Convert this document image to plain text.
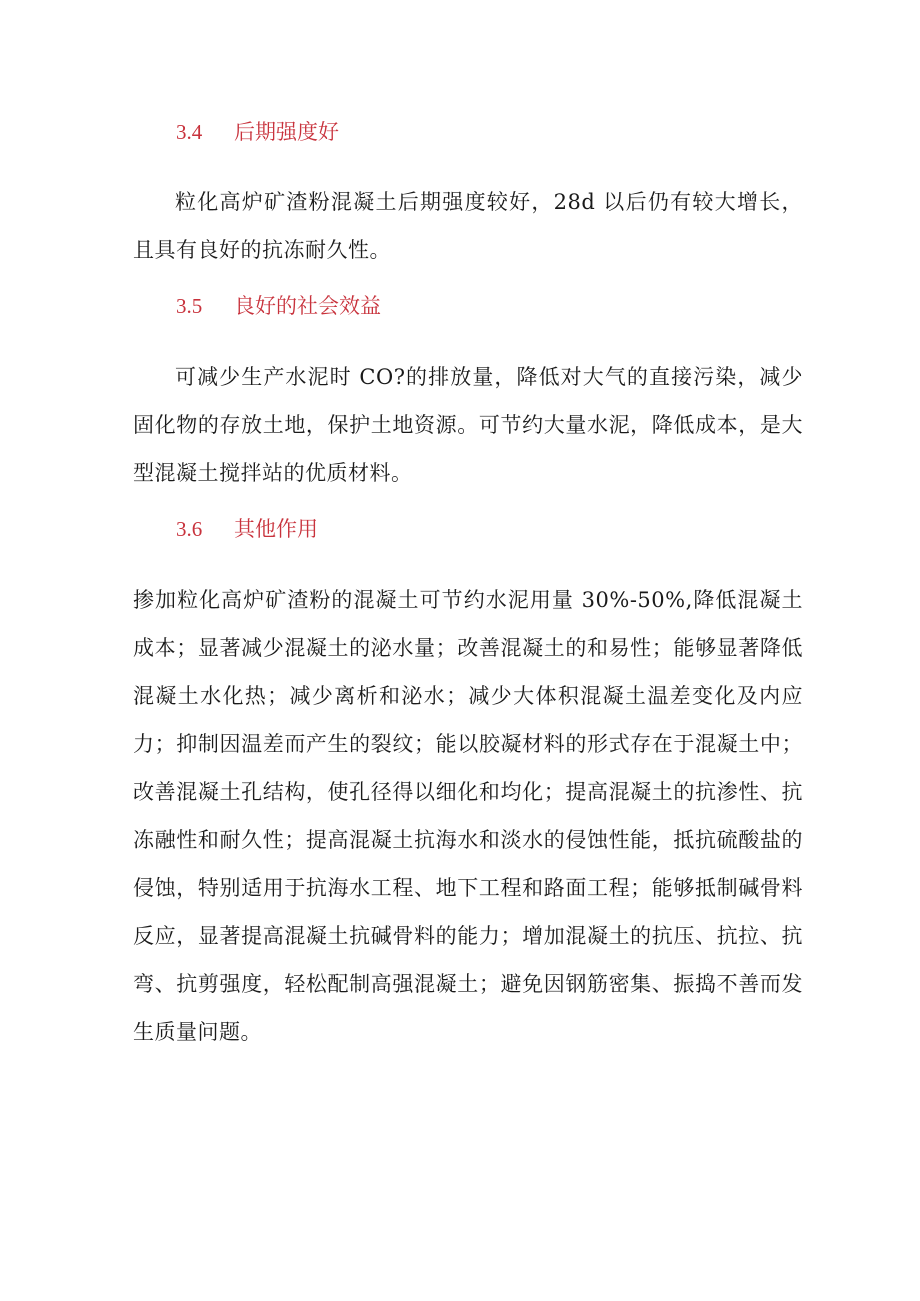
3.4 后期强度好

粒化高炉矿渣粉混凝土后期强度较好，28d 以后仍有较大增长，且具有良好的抗冻耐久性。

3.5 良好的社会效益

可减少生产水泥时 CO?的排放量，降低对大气的直接污染，减少固化物的存放土地，保护土地资源。可节约大量水泥，降低成本，是大型混凝土搅拌站的优质材料。

3.6 其他作用

掺加粒化高炉矿渣粉的混凝土可节约水泥用量 30%-50%,降低混凝土成本；显著减少混凝土的泌水量；改善混凝土的和易性；能够显著降低混凝土水化热；减少离析和泌水；减少大体积混凝土温差变化及内应力；抑制因温差而产生的裂纹；能以胶凝材料的形式存在于混凝土中；改善混凝土孔结构，使孔径得以细化和均化；提高混凝土的抗渗性、抗冻融性和耐久性；提高混凝土抗海水和淡水的侵蚀性能，抵抗硫酸盐的侵蚀，特别适用于抗海水工程、地下工程和路面工程；能够抵制碱骨料反应，显著提高混凝土抗碱骨料的能力；增加混凝土的抗压、抗拉、抗弯、抗剪强度，轻松配制高强混凝土；避免因钢筋密集、振捣不善而发生质量问题。
